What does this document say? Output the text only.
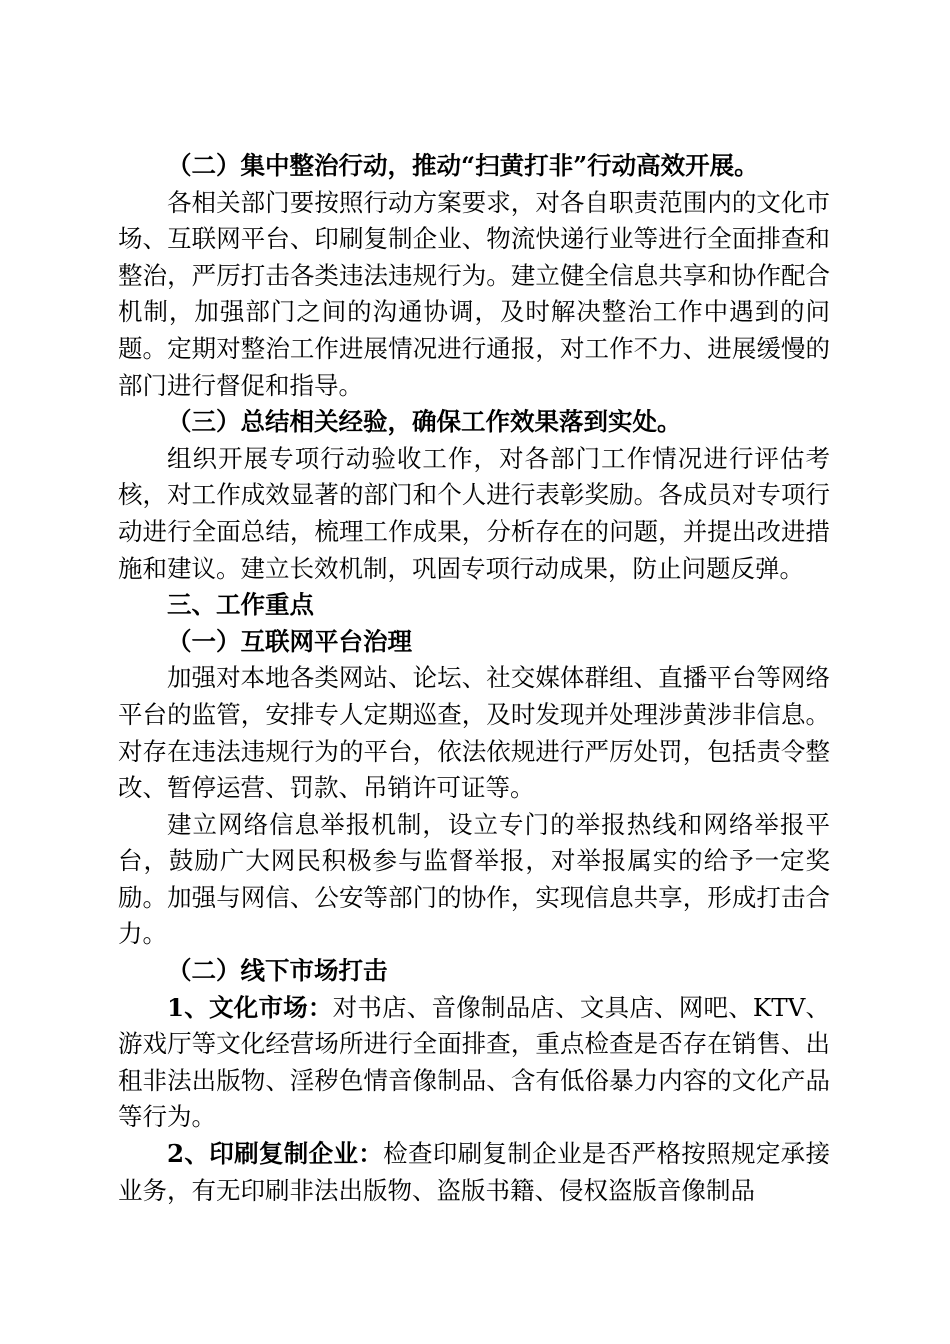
（二）集中整治行动，推动“扫黄打非”行动高效开展。

各相关部门要按照行动方案要求，对各自职责范围内的文化市场、互联网平台、印刷复制企业、物流快递行业等进行全面排查和整治，严厉打击各类违法违规行为。建立健全信息共享和协作配合机制，加强部门之间的沟通协调，及时解决整治工作中遇到的问题。定期对整治工作进展情况进行通报，对工作不力、进展缓慢的部门进行督促和指导。

（三）总结相关经验，确保工作效果落到实处。

组织开展专项行动验收工作，对各部门工作情况进行评估考核，对工作成效显著的部门和个人进行表彰奖励。各成员对专项行动进行全面总结，梳理工作成果，分析存在的问题，并提出改进措施和建议。建立长效机制，巩固专项行动成果，防止问题反弹。

三、工作重点

（一）互联网平台治理

加强对本地各类网站、论坛、社交媒体群组、直播平台等网络平台的监管，安排专人定期巡查，及时发现并处理涉黄涉非信息。对存在违法违规行为的平台，依法依规进行严厉处罚，包括责令整改、暂停运营、罚款、吊销许可证等。

建立网络信息举报机制，设立专门的举报热线和网络举报平台，鼓励广大网民积极参与监督举报，对举报属实的给予一定奖励。加强与网信、公安等部门的协作，实现信息共享，形成打击合力。

（二）线下市场打击

1、文化市场：对书店、音像制品店、文具店、网吧、KTV、游戏厅等文化经营场所进行全面排查，重点检查是否存在销售、出租非法出版物、淫秽色情音像制品、含有低俗暴力内容的文化产品等行为。

2、印刷复制企业：检查印刷复制企业是否严格按照规定承接业务，有无印刷非法出版物、盗版书籍、侵权盗版音像制品
